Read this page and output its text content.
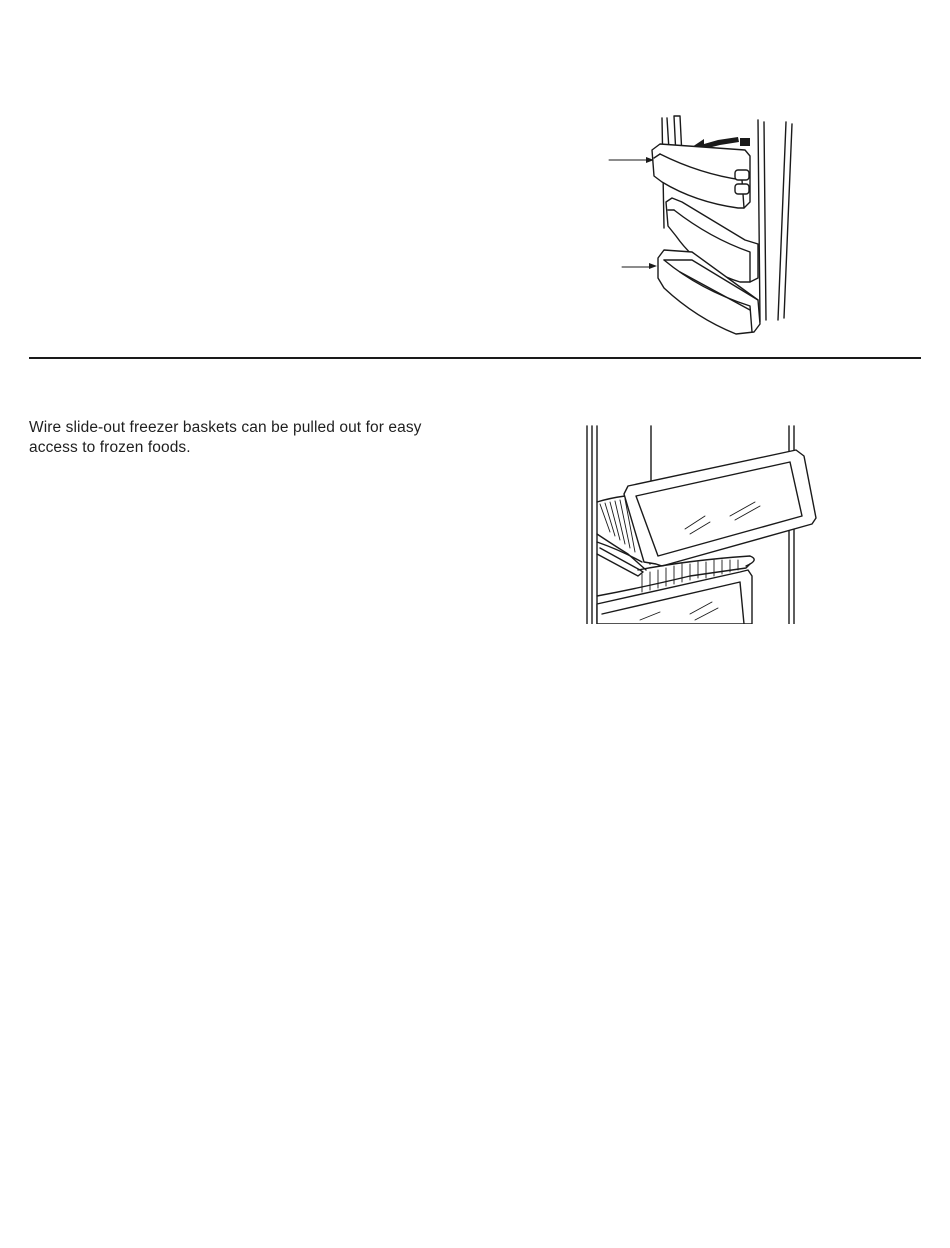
Wire slide-out freezer baskets can be pulled out for easy access to frozen foods.
